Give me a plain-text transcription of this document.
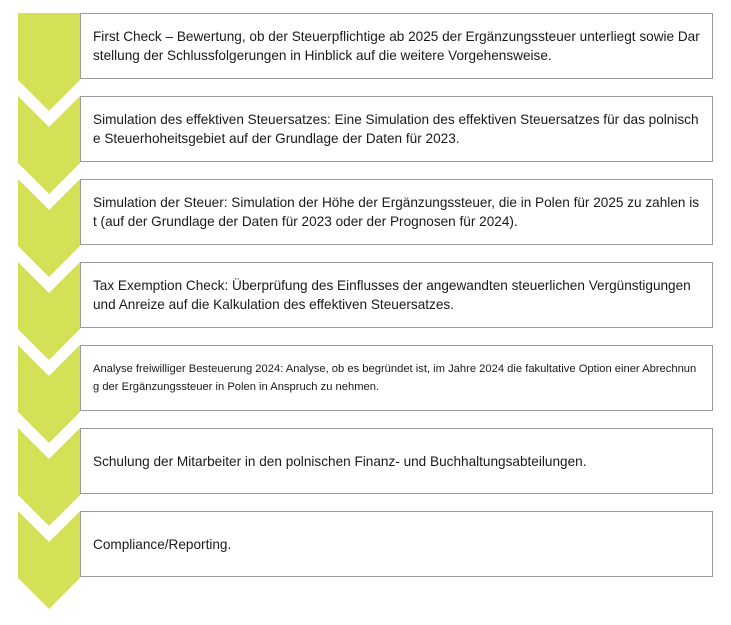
First Check – Bewertung, ob der Steuerpflichtige ab 2025 der Ergänzungssteuer unterliegt sowie Darstellung der Schlussfolgerungen in Hinblick auf die weitere Vorgehensweise.
Simulation des effektiven Steuersatzes: Eine Simulation des effektiven Steuersatzes für das polnische Steuerhoheitsgebiet auf der Grundlage der Daten für 2023.
Simulation der Steuer: Simulation der Höhe der Ergänzungssteuer, die in Polen für 2025 zu zahlen ist (auf der Grundlage der Daten für 2023 oder der Prognosen für 2024).
Tax Exemption Check: Überprüfung des Einflusses der angewandten steuerlichen Vergünstigungen und Anreize auf die Kalkulation des effektiven Steuersatzes.
Analyse freiwilliger Besteuerung 2024: Analyse, ob es begründet ist, im Jahre 2024 die fakultative Option einer Abrechnung der Ergänzungssteuer in Polen in Anspruch zu nehmen.
Schulung der Mitarbeiter in den polnischen Finanz- und Buchhaltungsabteilungen.
Compliance/Reporting.
